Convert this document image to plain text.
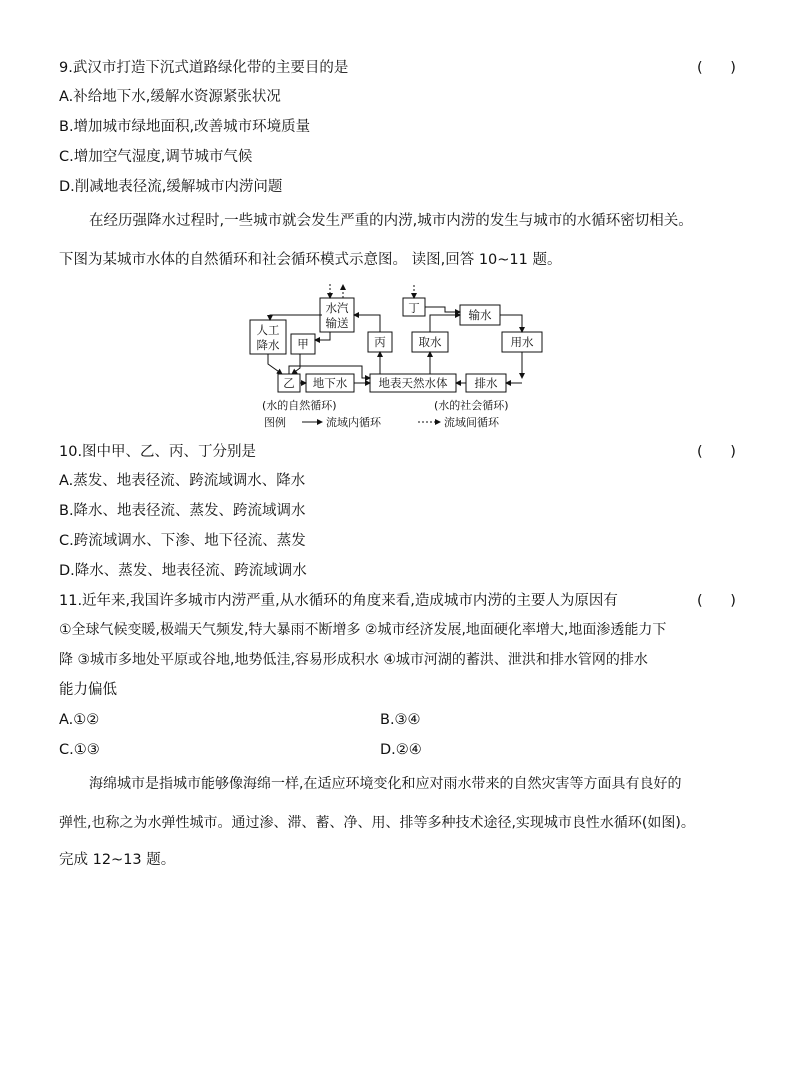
9.武汉市打造下沉式道路绿化带的主要目的是	(      )
A.补给地下水,缓解水资源紧张状况
B.增加城市绿地面积,改善城市环境质量
C.增加空气湿度,调节城市气候
D.削减地表径流,缓解城市内涝问题
在经历强降水过程时,一些城市就会发生严重的内涝,城市内涝的发生与城市的水循环密切相关。
下图为某城市水体的自然循环和社会循环模式示意图。 读图,回答 10~11 题。
水汽
输送
人工
降水 甲
乙 地下水	地表天然水体
丙
丁
取水
输水
用水
排水
(水的自然循环)	(水的社会循环)
图例	流域内循环	流域间循环
10.图中甲、乙、丙、丁分别是	(      )
A.蒸发、地表径流、跨流域调水、降水
B.降水、地表径流、蒸发、跨流域调水
C.跨流域调水、下渗、地下径流、蒸发
D.降水、蒸发、地表径流、跨流域调水
11.近年来,我国许多城市内涝严重,从水循环的角度来看,造成城市内涝的主要人为原因有	(      )
①全球气候变暖,极端天气频发,特大暴雨不断增多 ②城市经济发展,地面硬化率增大,地面渗透能力下
降 ③城市多地处平原或谷地,地势低洼,容易形成积水 ④城市河湖的蓄洪、泄洪和排水管网的排水
能力偏低
A.①②	B.③④
C.①③	D.②④
海绵城市是指城市能够像海绵一样,在适应环境变化和应对雨水带来的自然灾害等方面具有良好的
弹性,也称之为水弹性城市。通过渗、滞、蓄、净、用、排等多种技术途径,实现城市良性水循环(如图)。
完成 12~13 题。
